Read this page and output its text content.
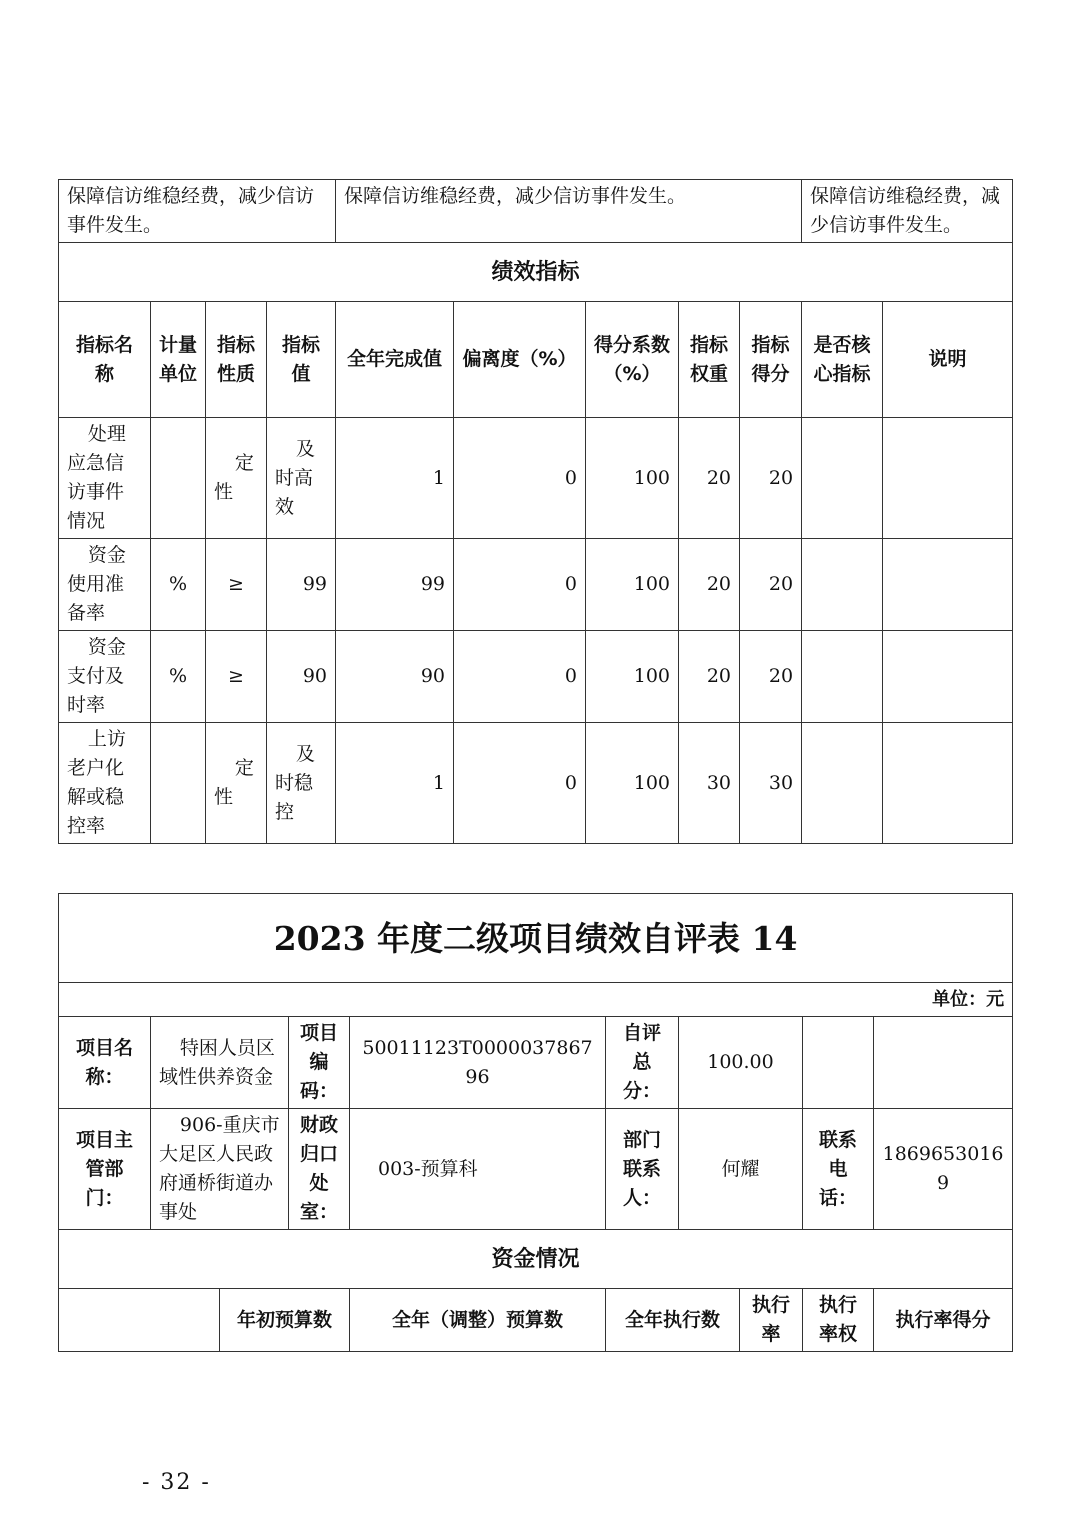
保障信访维稳经费，减少信访事件发生。				保障信访维稳经费，减少信访事件发生。					保障信访维稳经费，减少信访事件发生。	
绩效指标										
指标名称	计量单位	指标性质	指标值	全年完成值	偏离度（%）	得分系数（%）	指标权重	指标得分	是否核心指标	说明
处理应急信访事件情况		定性	及时高效	1	0	100	20	20		
资金使用准备率	%	≥	99	99	0	100	20	20		
资金支付及时率	%	≥	90	90	0	100	20	20		
上访老户化解或稳控率		定性	及时稳控	1	0	100	30	30		
2023 年度二级项目绩效自评表 14									
单位：元									
项目名称：	特困人员区域性供养资金		项目编码：	50011123T000003786796	自评总分：	100.00			
项目主管部门：	906-重庆市大足区人民政府通桥街道办事处		财政归口处室：	003-预算科	部门联系人：	何耀		联系电话：	18696530169
资金情况									
		年初预算数		全年（调整）预算数	全年执行数		执行率	执行率权	执行率得分
- 32 -
